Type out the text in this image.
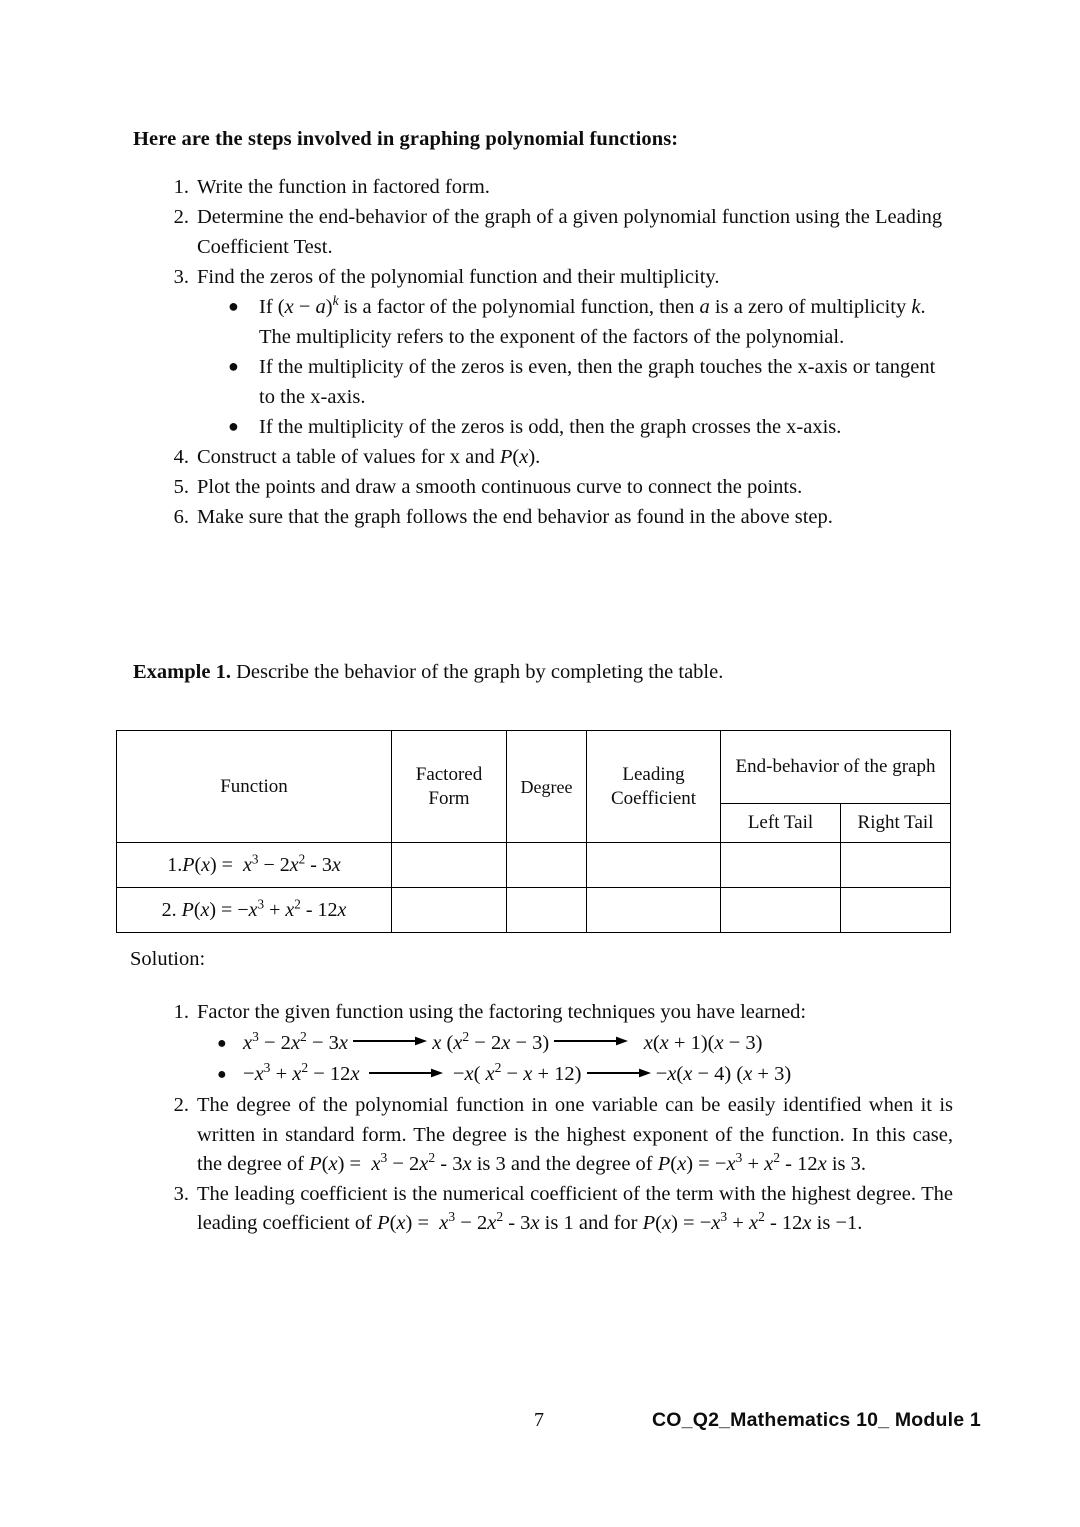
Here are the steps involved in graphing polynomial functions:
1. Write the function in factored form.
2. Determine the end-behavior of the graph of a given polynomial function using the Leading Coefficient Test.
3. Find the zeros of the polynomial function and their multiplicity.
● If $(x - a)^k$ is a factor of the polynomial function, then a is a zero of multiplicity k. The multiplicity refers to the exponent of the factors of the polynomial.
● If the multiplicity of the zeros is even, then the graph touches the x-axis or tangent to the x-axis.
● If the multiplicity of the zeros is odd, then the graph crosses the x-axis.
4. Construct a table of values for x and P(x).
5. Plot the points and draw a smooth continuous curve to connect the points.
6. Make sure that the graph follows the end behavior as found in the above step.
Example 1. Describe the behavior of the graph by completing the table.
Function	Factored Form	Degree	Leading Coefficient	End-behavior of the graph	
				Left Tail	Right Tail
$1.P(x) = x^3 - 2x^2 - 3x$					
2. $P(x) = -x^3 + x^2 - 12x$					
Solution:
1. Factor the given function using the factoring techniques you have learned:
● $x^3 - 2x^2 - 3x$	x $(x^2 - 2x - 3)$	x(x + 1)(x − 3)
● $-x^3 + x^2 - 12x$	−x( $x^2 - x + 12$)	−x(x − 4) (x + 3)
2. The degree of the polynomial function in one variable can be easily identified when it is written in standard form. The degree is the highest exponent of the function. In this case, the degree of $P(x) = x^3 - 2x^2 - 3x$ is 3 and the degree of $P(x) = -x^3 + x^2 - 12x$ is 3.
3. The leading coefficient is the numerical coefficient of the term with the highest degree. The leading coefficient of $P(x) = x^3 - 2x^2 - 3x$ is 1 and for $P(x) = -x^3 + x^2 - 12x$ is −1.
7	CO_Q2_Mathematics 10_ Module 1
